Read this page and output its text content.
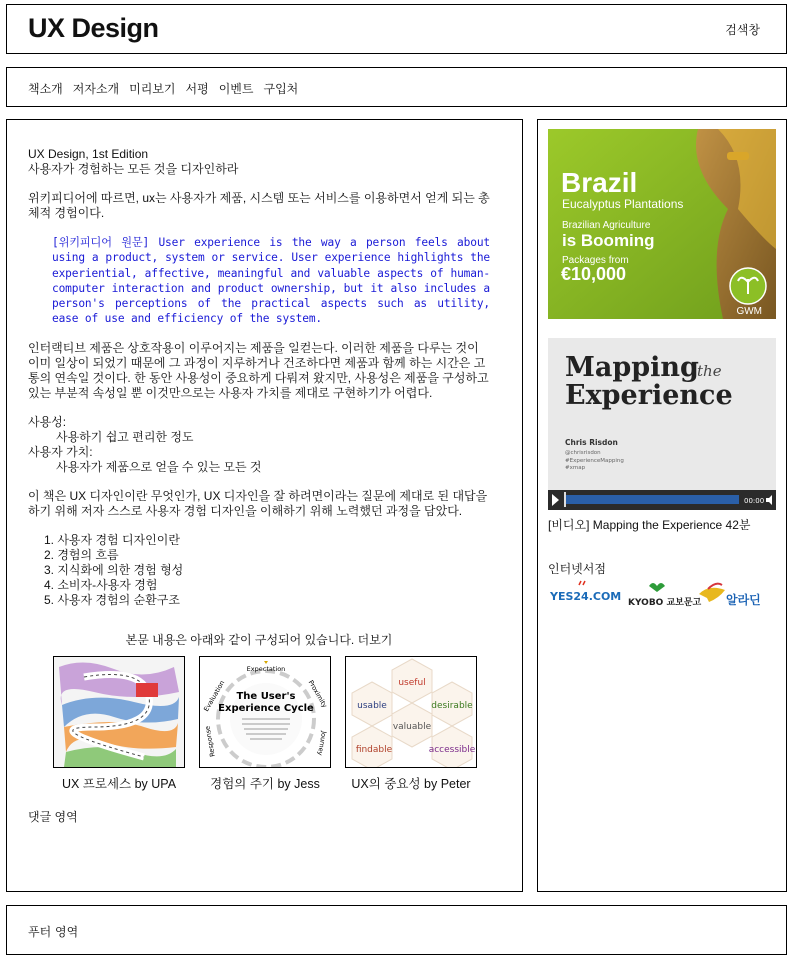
UX Design	검색창
책소개 저자소개 미리보기 서평 이벤트 구입처
UX Design, 1st Edition
사용자가 경험하는 모든 것을 디자인하라

위키피디어에 따르면, ux는 사용자가 제품, 시스템 또는 서비스를 이용하면서 얻게 되는 총체적 경험이다.

[위키피디어 원문] User experience is the way a person feels about using a product, system or service. User experience highlights the experiential, affective, meaningful and valuable aspects of human-computer interaction and product ownership, but it also includes a person's perceptions of the practical aspects such as utility, ease of use and efficiency of the system.

인터랙티브 제품은 상호작용이 이루어지는 제품을 일컫는다. 이러한 제품을 다루는 것이 이미 일상이 되었기 때문에 그 과정이 지루하거나 건조하다면 제품과 함께 하는 시간은 고통의 연속일 것이다. 한 동안 사용성이 중요하게 다뤄져 왔지만, 사용성은 제품을 구성하고 있는 부분적 속성일 뿐 이것만으로는 사용자 가치를 제대로 구현하기가 어렵다.

사용성:
사용하기 쉽고 편리한 정도
사용자 가치:
사용자가 제품으로 얻을 수 있는 모든 것

이 책은 UX 디자인이란 무엇인가, UX 디자인을 잘 하려면이라는 질문에 제대로 된 대답을 하기 위해 저자 스스로 사용자 경험 디자인을 이해하기 위해 노력했던 과정을 담았다.

1. 사용자 경험 디자인이란
2. 경험의 흐름
3. 지식화에 의한 경험 형성
4. 소비자-사용자 경험
5. 사용자 경험의 순환구조
본문 내용은 아래와 같이 구성되어 있습니다. 더보기
UX 프로세스 by UPA
The User's
Experience Cycle
Expectation
Proximity
Evaluation
Response	Journey
경험의 주기 by Jess
useful
usable	desirable
valuable
findable	accessible
UX의 중요성 by Peter
댓글 영역
Brazil
Eucalyptus Plantations
Brazilian Agriculture
is Booming
Packages from
€10,000
GWM
Mapping
the
Experience
Chris Risdon
@chrisrisdon
#ExperienceMapping
#xmap
00:00
[비디오] Mapping the Experience 42분
인터넷서점
YES24.COM KYOBO 교보문고 알라딘
푸터 영역
